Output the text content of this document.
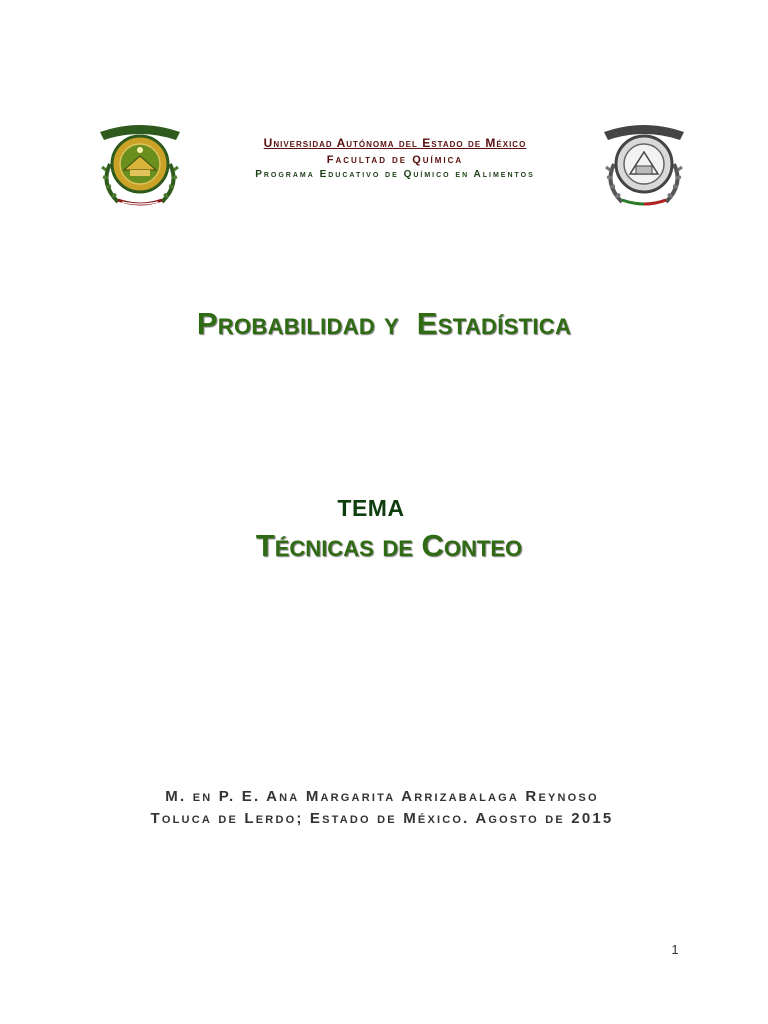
Universidad Autónoma del Estado de México
Facultad de Química
Programa Educativo de Químico en Alimentos
Probabilidad y  Estadística
TEMA
Técnicas de Conteo
M. en P. E. Ana Margarita Arrizabalaga Reynoso
Toluca de Lerdo; Estado de México. Agosto de 2015
1
